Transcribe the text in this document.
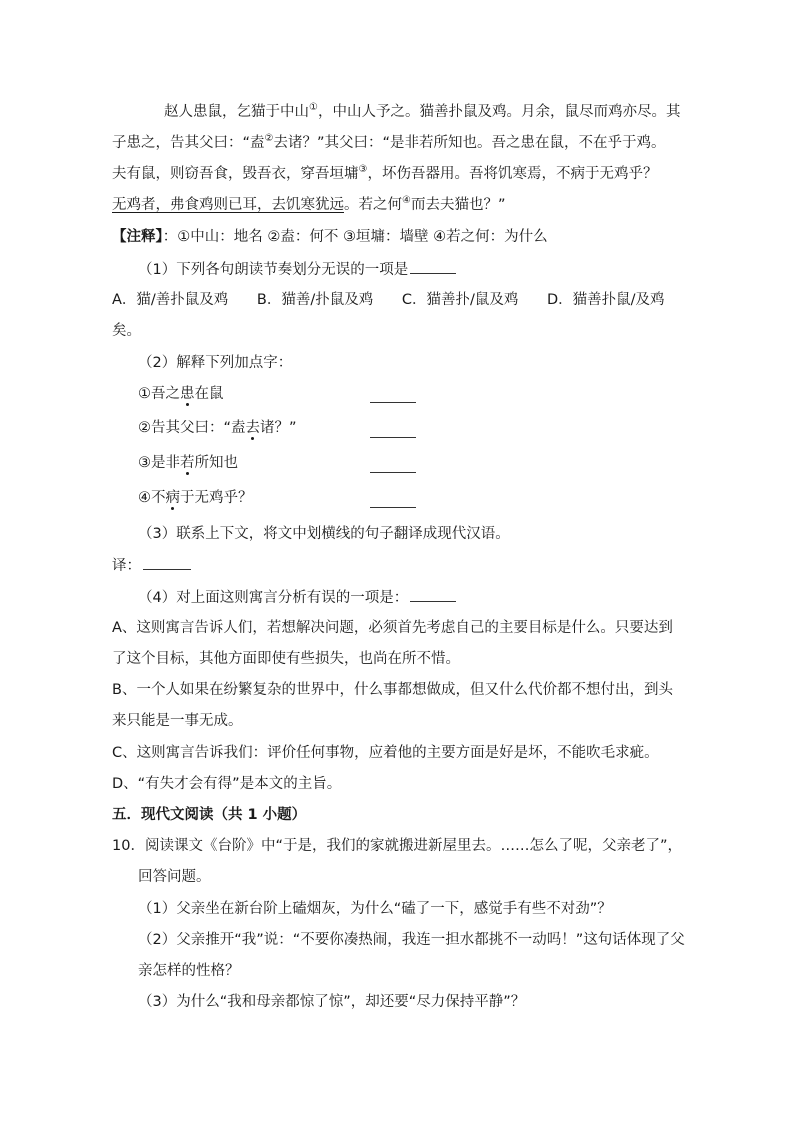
赵人患鼠，乞猫于中山①，中山人予之。猫善扑鼠及鸡。月余，鼠尽而鸡亦尽。其
子患之，告其父曰：“盍②去诸？”其父曰：“是非若所知也。吾之患在鼠，不在乎于鸡。
夫有鼠，则窃吾食，毁吾衣，穿吾垣墉③，坏伤吾器用。吾将饥寒焉，不病于无鸡乎？
无鸡者，弗食鸡则已耳，去饥寒犹远。若之何④而去夫猫也？”
【注释】：①中山：地名 ②盍：何不 ③垣墉：墙壁 ④若之何：为什么
（1）下列各句朗读节奏划分无误的一项是
A．猫/善扑鼠及鸡 B．猫善/扑鼠及鸡 C．猫善扑/鼠及鸡 D．猫善扑鼠/及鸡
矣。
（2）解释下列加点字：
①吾之患在鼠
②告其父曰：“盍去诸？”
③是非若所知也
④不病于无鸡乎？
（3）联系上下文，将文中划横线的句子翻译成现代汉语。
译：
（4）对上面这则寓言分析有误的一项是：
A、这则寓言告诉人们，若想解决问题，必须首先考虑自己的主要目标是什么。只要达到
了这个目标，其他方面即使有些损失，也尚在所不惜。
B、一个人如果在纷繁复杂的世界中，什么事都想做成，但又什么代价都不想付出，到头
来只能是一事无成。
C、这则寓言告诉我们：评价任何事物，应着他的主要方面是好是坏，不能吹毛求疵。
D、“有失才会有得”是本文的主旨。
五．现代文阅读（共 1 小题）
10．阅读课文《台阶》中“于是，我们的家就搬进新屋里去。……怎么了呢，父亲老了”，
回答问题。
（1）父亲坐在新台阶上磕烟灰，为什么“磕了一下，感觉手有些不对劲”？
（2）父亲推开“我”说：“不要你凑热闹，我连一担水都挑不一动吗！”这句话体现了父
亲怎样的性格？
（3）为什么“我和母亲都惊了惊”，却还要“尽力保持平静”？
